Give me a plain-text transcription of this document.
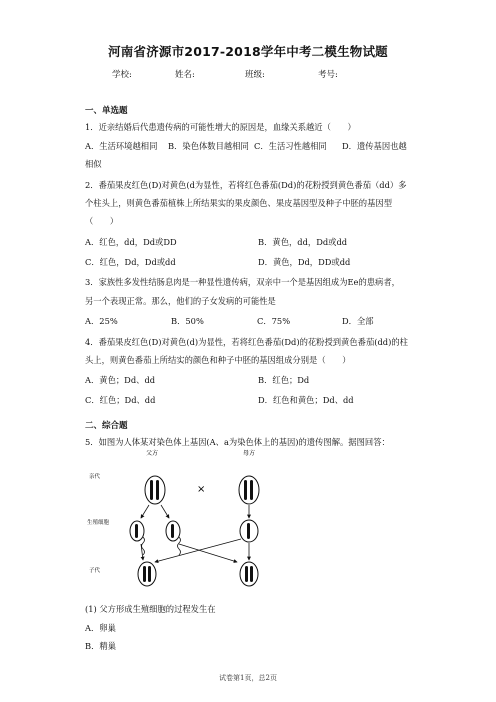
河南省济源市2017-2018学年中考二模生物试题
学校:	姓名:	班级:	考号:
一、单选题
1．近亲结婚后代患遗传病的可能性增大的原因是，血缘关系越近（　　）
A．生活环境越相同 B．染色体数目越相同 C．生活习性越相同 D．遗传基因也越
相似
2．番茄果皮红色(D)对黄色(d为显性，若将红色番茄(Dd)的花粉授到黄色番茄（dd）多
个柱头上，则黄色番茄植株上所结果实的果皮颜色、果皮基因型及种子中胚的基因型
（　　）
A．红色，dd，Dd或DD	B．黄色，dd，Dd或dd
C．红色，Dd，Dd或dd	D．黄色，Dd，DD或dd
3．家族性多发性结肠息肉是一种显性遗传病，双亲中一个是基因组成为Ee的患病者，
另一个表现正常。那么，他们的子女发病的可能性是
A．25%	B．50%	C．75%	D．全部
4．番茄果皮红色(D)对黄色(d)为显性，若将红色番茄(Dd)的花粉授到黄色番茄(dd)的柱
头上，则黄色番茄上所结实的颜色和种子中胚的基因组成分别是（　　）
A．黄色；Dd、dd	B．红色；Dd
C．红色；Dd、dd	D．红色和黄色；Dd、dd
二、综合题
5．如图为人体某对染色体上基因(A、a为染色体上的基因)的遗传图解。据图回答：
亲代
生殖细胞
子代
父方	母方
×
(1) 父方形成生殖细胞的过程发生在
A．卵巢
B．精巢
试卷第1页，总2页
